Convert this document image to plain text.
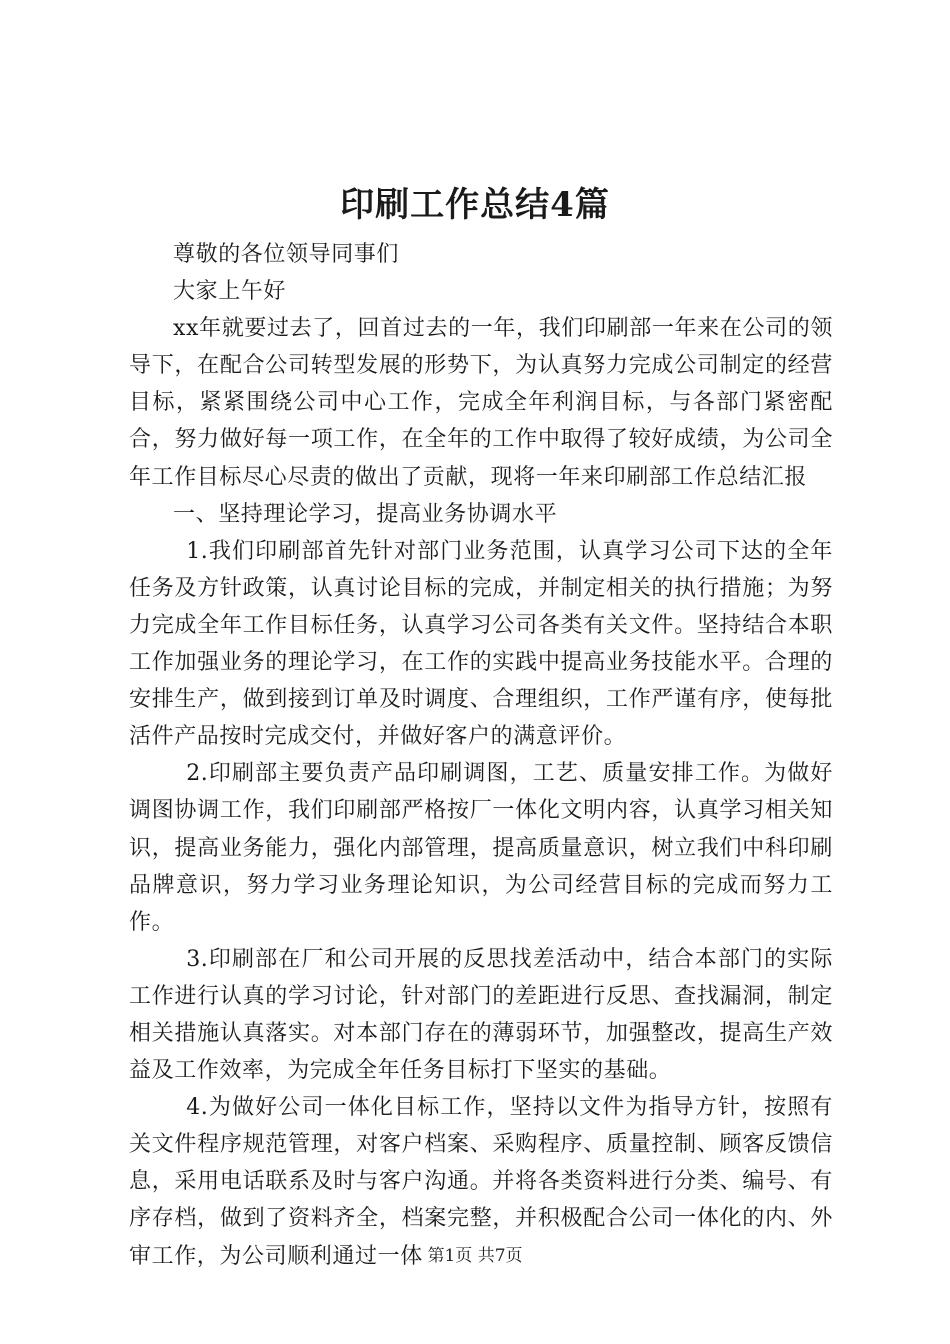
印刷工作总结4篇

尊敬的各位领导同事们

大家上午好

xx年就要过去了，回首过去的一年，我们印刷部一年来在公司的领导下，在配合公司转型发展的形势下，为认真努力完成公司制定的经营目标，紧紧围绕公司中心工作，完成全年利润目标，与各部门紧密配合，努力做好每一项工作，在全年的工作中取得了较好成绩，为公司全年工作目标尽心尽责的做出了贡献，现将一年来印刷部工作总结汇报

一、坚持理论学习，提高业务协调水平

1.我们印刷部首先针对部门业务范围，认真学习公司下达的全年任务及方针政策，认真讨论目标的完成，并制定相关的执行措施；为努力完成全年工作目标任务，认真学习公司各类有关文件。坚持结合本职工作加强业务的理论学习，在工作的实践中提高业务技能水平。合理的安排生产，做到接到订单及时调度、合理组织，工作严谨有序，使每批活件产品按时完成交付，并做好客户的满意评价。

2.印刷部主要负责产品印刷调图，工艺、质量安排工作。为做好调图协调工作，我们印刷部严格按厂一体化文明内容，认真学习相关知识，提高业务能力，强化内部管理，提高质量意识，树立我们中科印刷品牌意识，努力学习业务理论知识，为公司经营目标的完成而努力工作。

3.印刷部在厂和公司开展的反思找差活动中，结合本部门的实际工作进行认真的学习讨论，针对部门的差距进行反思、查找漏洞，制定相关措施认真落实。对本部门存在的薄弱环节，加强整改，提高生产效益及工作效率，为完成全年任务目标打下坚实的基础。

4.为做好公司一体化目标工作，坚持以文件为指导方针，按照有关文件程序规范管理，对客户档案、采购程序、质量控制、顾客反馈信息，采用电话联系及时与客户沟通。并将各类资料进行分类、编号、有序存档，做到了资料齐全，档案完整，并积极配合公司一体化的内、外审工作，为公司顺利通过一体 第1页 共7页
